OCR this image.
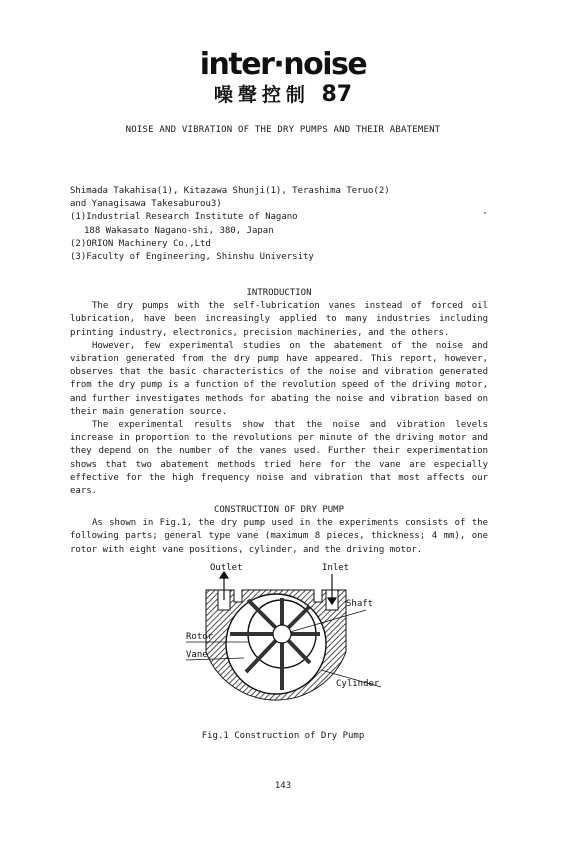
inter·noise
噪聲控制 87
NOISE AND VIBRATION OF THE DRY PUMPS AND THEIR ABATEMENT
Shimada Takahisa(1), Kitazawa Shunji(1), Terashima Teruo(2)
and Yanagisawa Takesaburou3)
(1)Industrial Research Institute of Nagano
188 Wakasato Nagano-shi, 380, Japan
(2)ORION Machinery Co.,Ltd
(3)Faculty of Engineering, Shinshu University
INTRODUCTION

The dry pumps with the self-lubrication vanes instead of forced oil lubrication, have been increasingly applied to many industries including printing industry, electronics, precision machineries, and the others.

However, few experimental studies on the abatement of the noise and vibration generated from the dry pump have appeared. This report, however, observes that the basic characteristics of the noise and vibration generated from the dry pump is a function of the revolution speed of the driving motor, and further investigates methods for abating the noise and vibration based on their main generation source.

The experimental results show that the noise and vibration levels increase in proportion to the revolutions per minute of the driving motor and they depend on the number of the vanes used. Further their experimentation shows that two abatement methods tried here for the vane are especially effective for the high frequency noise and vibration that most affects our ears.

CONSTRUCTION OF DRY PUMP

As shown in Fig.1, the dry pump used in the experiments consists of the following parts; general type vane (maximum 8 pieces, thickness; 4 mm), one rotor with eight vane positions, cylinder, and the driving motor.

Outlet	Inlet
Shaft
Rotor
Vane
Cylinder
Fig.1 Construction of Dry Pump
143
